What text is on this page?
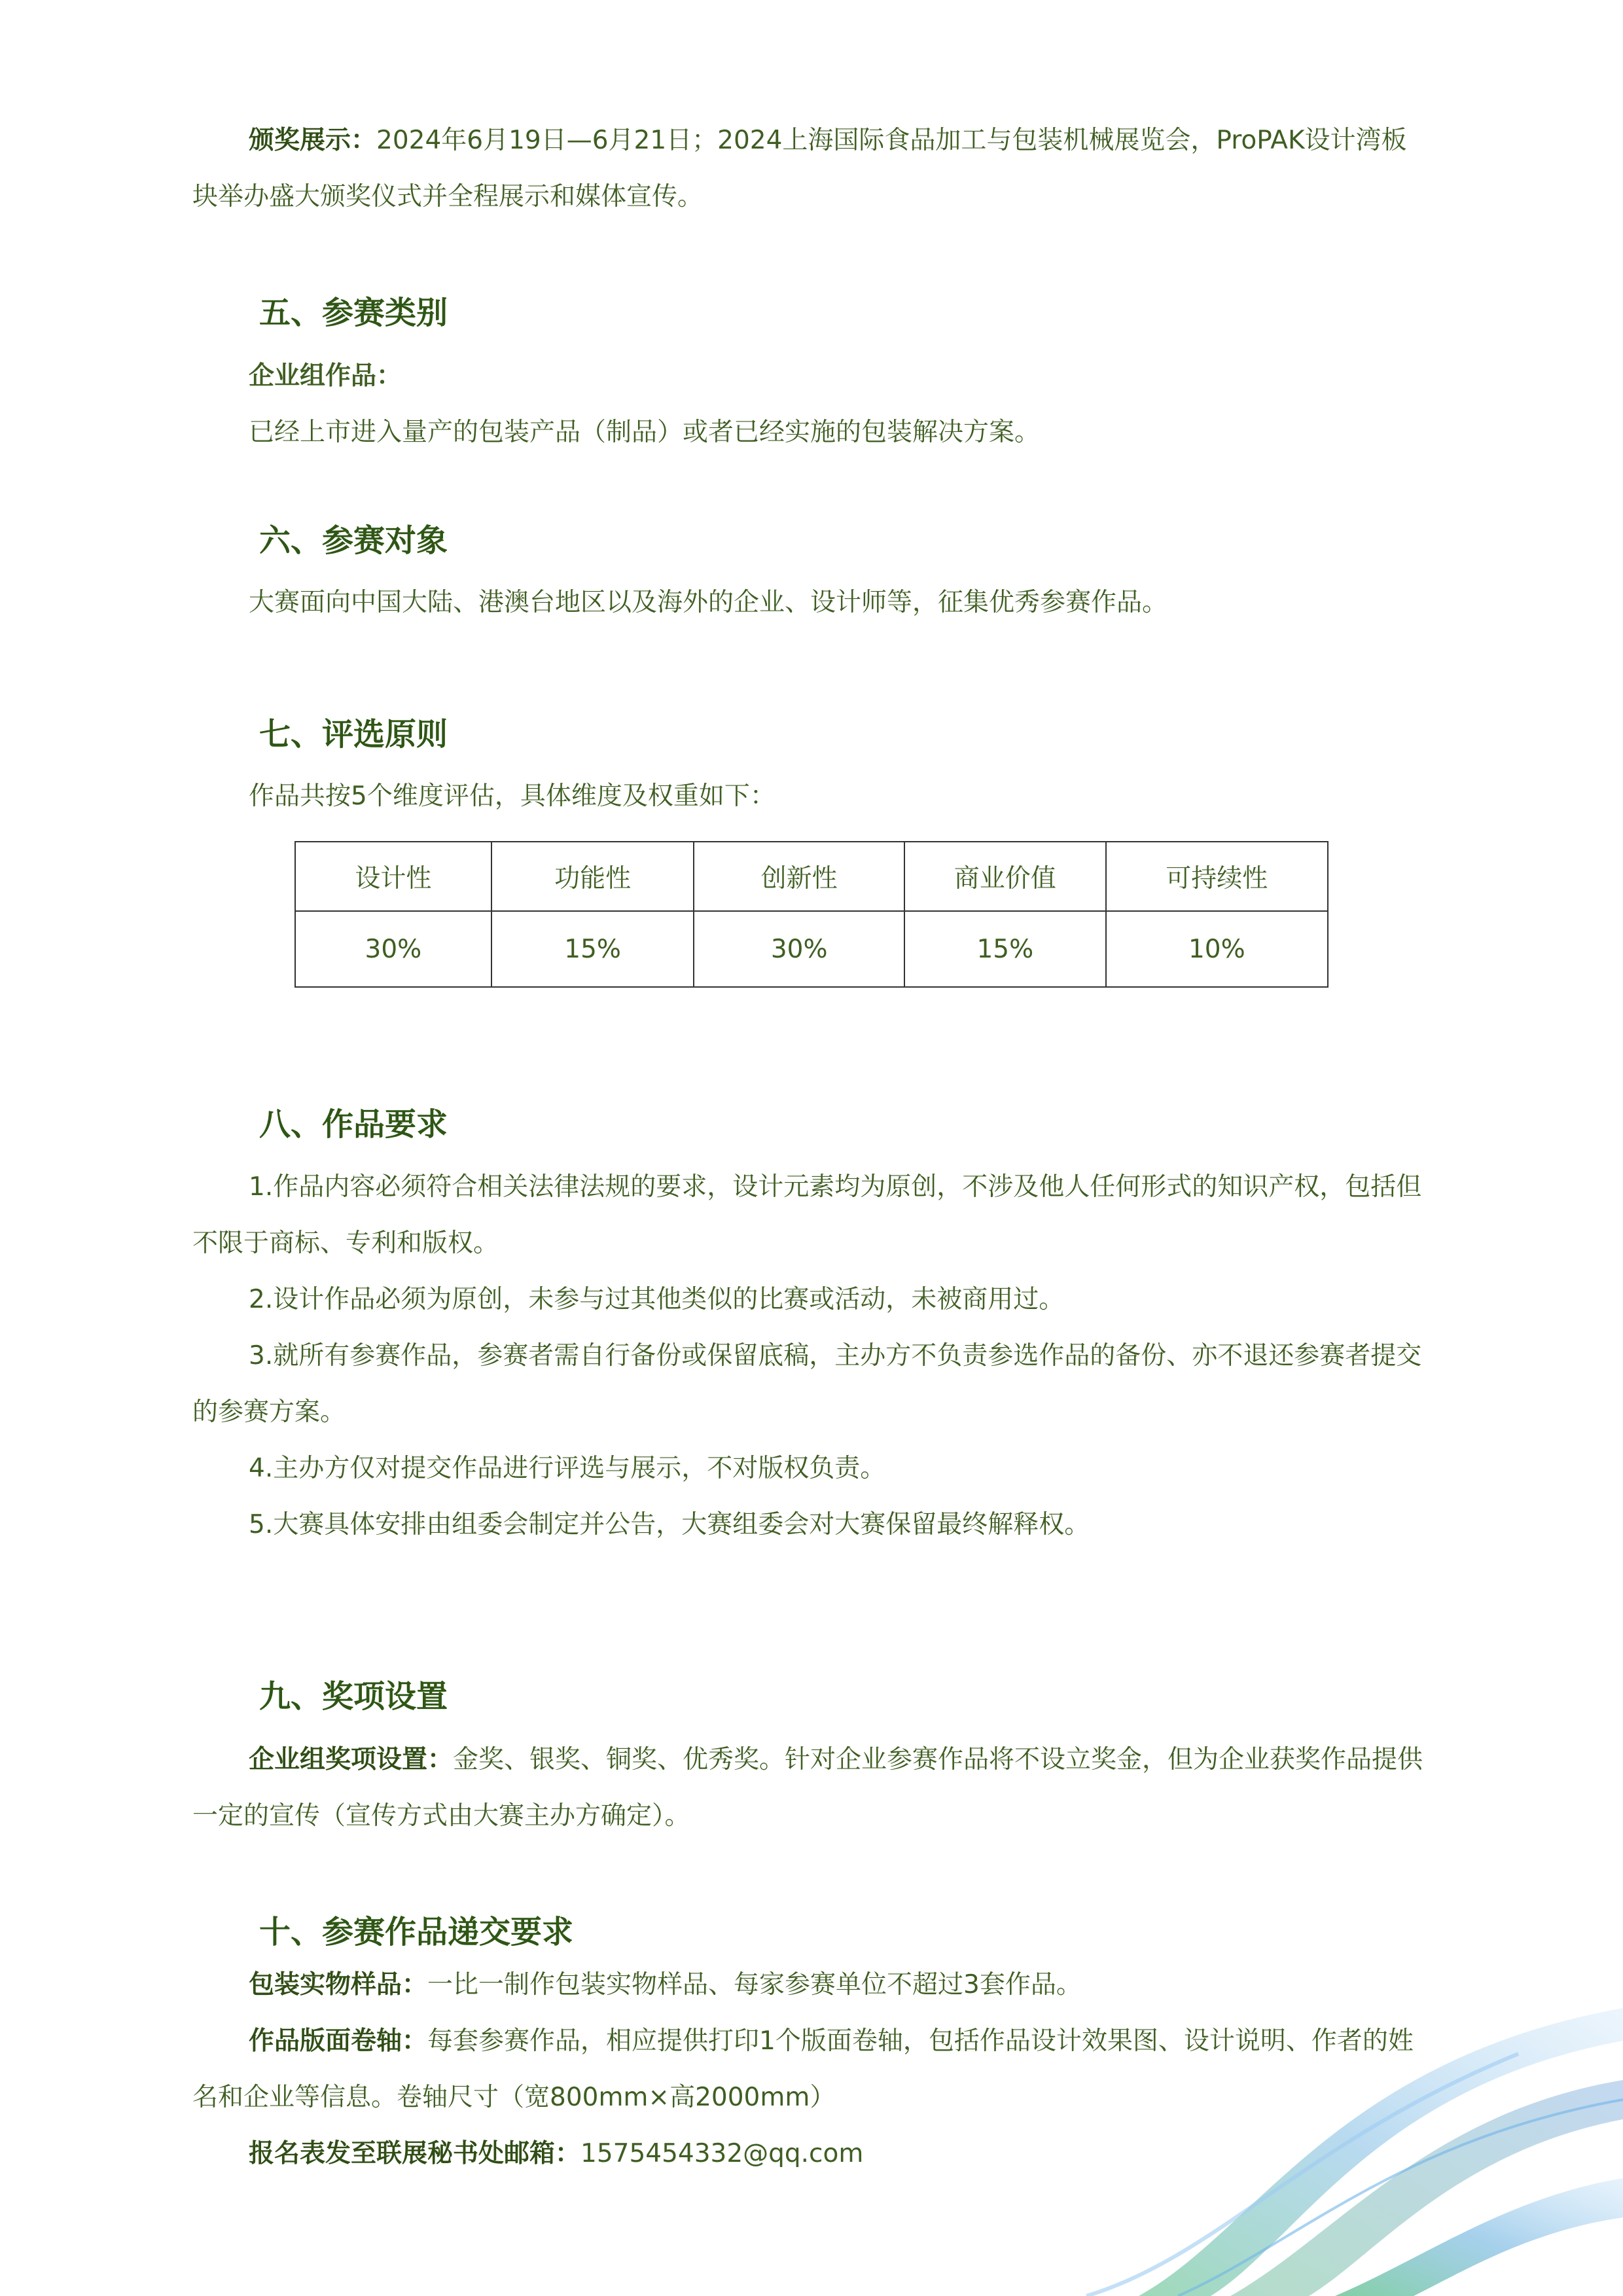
颁奖展示：2024年6月19日—6月21日；2024上海国际食品加工与包装机械展览会，ProPAK设计湾板块举办盛大颁奖仪式并全程展示和媒体宣传。

五、参赛类别

企业组作品：

已经上市进入量产的包装产品（制品）或者已经实施的包装解决方案。

六、参赛对象

大赛面向中国大陆、港澳台地区以及海外的企业、设计师等，征集优秀参赛作品。

七、评选原则

作品共按5个维度评估，具体维度及权重如下：

设计性	功能性	创新性	商业价值	可持续性
30%	15%	30%	15%	10%
八、作品要求

1.作品内容必须符合相关法律法规的要求，设计元素均为原创，不涉及他人任何形式的知识产权，包括但不限于商标、专利和版权。

2.设计作品必须为原创，未参与过其他类似的比赛或活动，未被商用过。

3.就所有参赛作品，参赛者需自行备份或保留底稿，主办方不负责参选作品的备份、亦不退还参赛者提交的参赛方案。

4.主办方仅对提交作品进行评选与展示，不对版权负责。

5.大赛具体安排由组委会制定并公告，大赛组委会对大赛保留最终解释权。

九、奖项设置

企业组奖项设置：金奖、银奖、铜奖、优秀奖。针对企业参赛作品将不设立奖金，但为企业获奖作品提供一定的宣传（宣传方式由大赛主办方确定）。

十、参赛作品递交要求

包装实物样品：一比一制作包装实物样品、每家参赛单位不超过3套作品。

作品版面卷轴：每套参赛作品，相应提供打印1个版面卷轴，包括作品设计效果图、设计说明、作者的姓名和企业等信息。卷轴尺寸（宽800mm×高2000mm）

报名表发至联展秘书处邮箱：1575454332@qq.com
